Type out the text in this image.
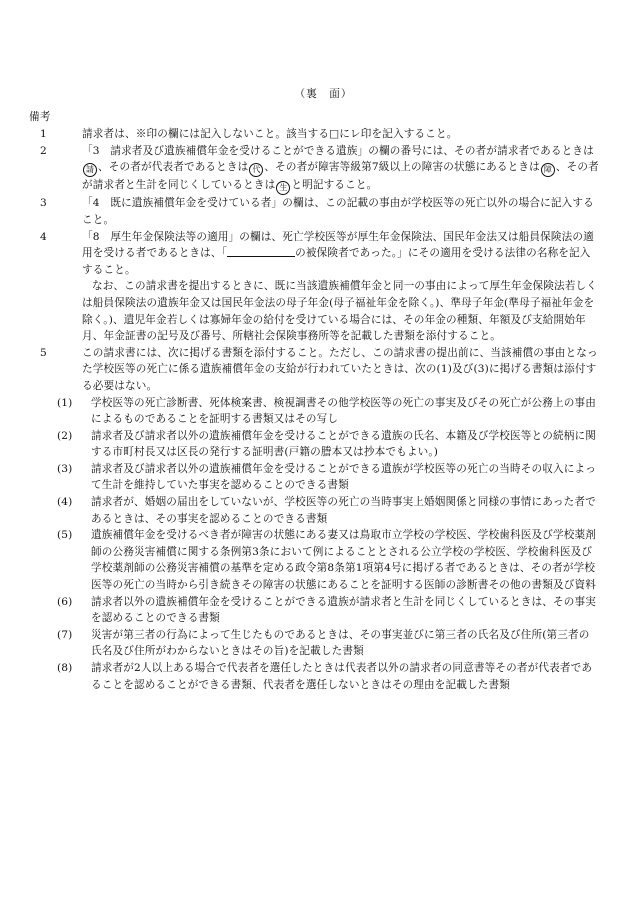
（裏　面）
備考
1	請求者は、※印の欄には記入しないこと。該当する□にレ印を記入すること。
2	「3　請求者及び遺族補償年金を受けることができる遺族」の欄の番号には、その者が請求者であるときは請 、その者が代表者であるときは 代 、その者が障害等級第7級以上の障害の状態にあるときは 障 、その者が請求者と生計を同じくしているときは 生 と明記すること。
3	「4　既に遺族補償年金を受けている者」の欄は、この記載の事由が学校医等の死亡以外の場合に記入すること。
4	「8　厚生年金保険法等の適用」の欄は、死亡学校医等が厚生年金保険法、国民年金法又は船員保険法の適用を受ける者であるときは、「	の被保険者であった。」にその適用を受ける法律の名称を記入すること。
なお、この請求書を提出するときに、既に当該遺族補償年金と同一の事由によって厚生年金保険法若しくは船員保険法の遺族年金又は国民年金法の母子年金(母子福祉年金を除く。)、準母子年金(準母子福祉年金を除く。)、遺児年金若しくは寡婦年金の給付を受けている場合には、その年金の種類、年額及び支給開始年月、年金証書の記号及び番号、所轄社会保険事務所等を記載した書類を添付すること。
5	この請求書には、次に掲げる書類を添付すること。ただし、この請求書の提出前に、当該補償の事由となった学校医等の死亡に係る遺族補償年金の支給が行われていたときは、次の(1)及び(3)に掲げる書類は添付する必要はない。
(1) 学校医等の死亡診断書、死体検案書、検視調書その他学校医等の死亡の事実及びその死亡が公務上の事由によるものであることを証明する書類又はその写し
(2) 請求者及び請求者以外の遺族補償年金を受けることができる遺族の氏名、本籍及び学校医等との続柄に関する市町村長又は区長の発行する証明書(戸籍の謄本又は抄本でもよい。)
(3) 請求者及び請求者以外の遺族補償年金を受けることができる遺族が学校医等の死亡の当時その収入によって生計を維持していた事実を認めることのできる書類
(4) 請求者が、婚姻の届出をしていないが、学校医等の死亡の当時事実上婚姻関係と同様の事情にあった者であるときは、その事実を認めることのできる書類
(5) 遺族補償年金を受けるべき者が障害の状態にある妻又は鳥取市立学校の学校医、学校歯科医及び学校薬剤師の公務災害補償に関する条例第3条において例によることとされる公立学校の学校医、学校歯科医及び学校薬剤師の公務災害補償の基準を定める政令第8条第1項第4号に掲げる者であるときは、その者が学校医等の死亡の当時から引き続きその障害の状態にあることを証明する医師の診断書その他の書類及び資料
(6) 請求者以外の遺族補償年金を受けることができる遺族が請求者と生計を同じくしているときは、その事実を認めることのできる書類
(7) 災害が第三者の行為によって生じたものであるときは、その事実並びに第三者の氏名及び住所(第三者の氏名及び住所がわからないときはその旨)を記載した書類
(8) 請求者が2人以上ある場合で代表者を選任したときは代表者以外の請求者の同意書等その者が代表者であることを認めることができる書類、代表者を選任しないときはその理由を記載した書類
